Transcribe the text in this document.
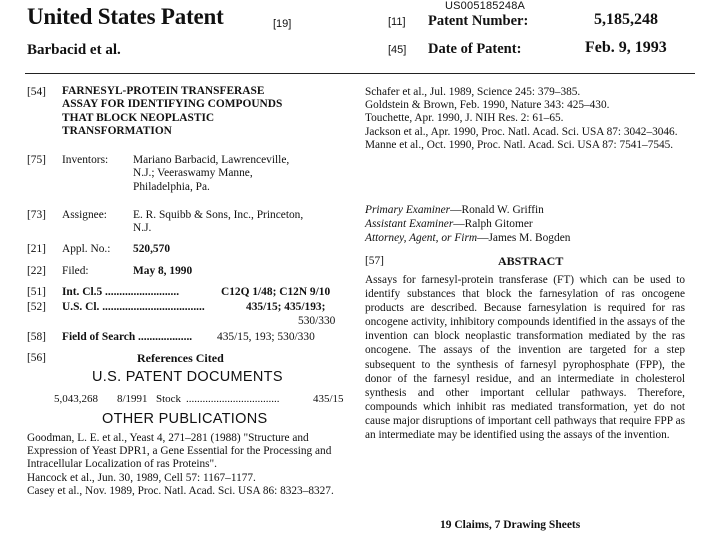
US005185248A
United States Patent	[19]
Barbacid et al.
[11] Patent Number:	5,185,248
[45] Date of Patent:	Feb. 9, 1993
[54] FARNESYL-PROTEIN TRANSFERASE
ASSAY FOR IDENTIFYING COMPOUNDS
THAT BLOCK NEOPLASTIC
TRANSFORMATION
[75] Inventors: Mariano Barbacid, Lawrenceville,
N.J.; Veeraswamy Manne,
Philadelphia, Pa.
[73] Assignee: E. R. Squibb & Sons, Inc., Princeton,
N.J.
[21] Appl. No.: 520,570
[22] Filed:	May 8, 1990
[51] Int. Cl.5 ..........................	C12Q 1/48; C12N 9/10
[52] U.S. Cl. ....................................	435/15; 435/193;
530/330
[58] Field of Search ................... 435/15, 193; 530/330
[56]	References Cited
U.S. PATENT DOCUMENTS
5,043,268 8/1991 Stock ..................................	435/15
OTHER PUBLICATIONS
Goodman, L. E. et al., Yeast 4, 271–281 (1988) "Structure and Expression of Yeast DPR1, a Gene Essential for the Processing and Intracellular Localization of ras Proteins".
Hancock et al., Jun. 30, 1989, Cell 57: 1167–1177.
Casey et al., Nov. 1989, Proc. Natl. Acad. Sci. USA 86: 8323–8327.
Schafer et al., Jul. 1989, Science 245: 379–385.
Goldstein & Brown, Feb. 1990, Nature 343: 425–430.
Touchette, Apr. 1990, J. NIH Res. 2: 61–65.
Jackson et al., Apr. 1990, Proc. Natl. Acad. Sci. USA 87: 3042–3046.
Manne et al., Oct. 1990, Proc. Natl. Acad. Sci. USA 87: 7541–7545.
Primary Examiner—Ronald W. Griffin
Assistant Examiner—Ralph Gitomer
Attorney, Agent, or Firm—James M. Bogden
[57]	ABSTRACT
Assays for farnesyl-protein transferase (FT) which can be used to identify substances that block the farnesylation of ras oncogene products are described. Because farnesylation is required for ras oncogene activity, inhibitory compounds identified in the assays of the invention can block neoplastic transformation mediated by the ras oncogene. The assays of the invention are targeted for a step subsequent to the synthesis of farnesyl pyrophosphate (FPP), the donor of the farnesyl residue, and an intermediate in cholesterol synthesis and other important cellular pathways. Therefore, compounds which inhibit ras mediated transformation, yet do not cause major disruptions of important cell pathways that require FPP as an intermediate may be identified using the assays of the invention.
19 Claims, 7 Drawing Sheets
